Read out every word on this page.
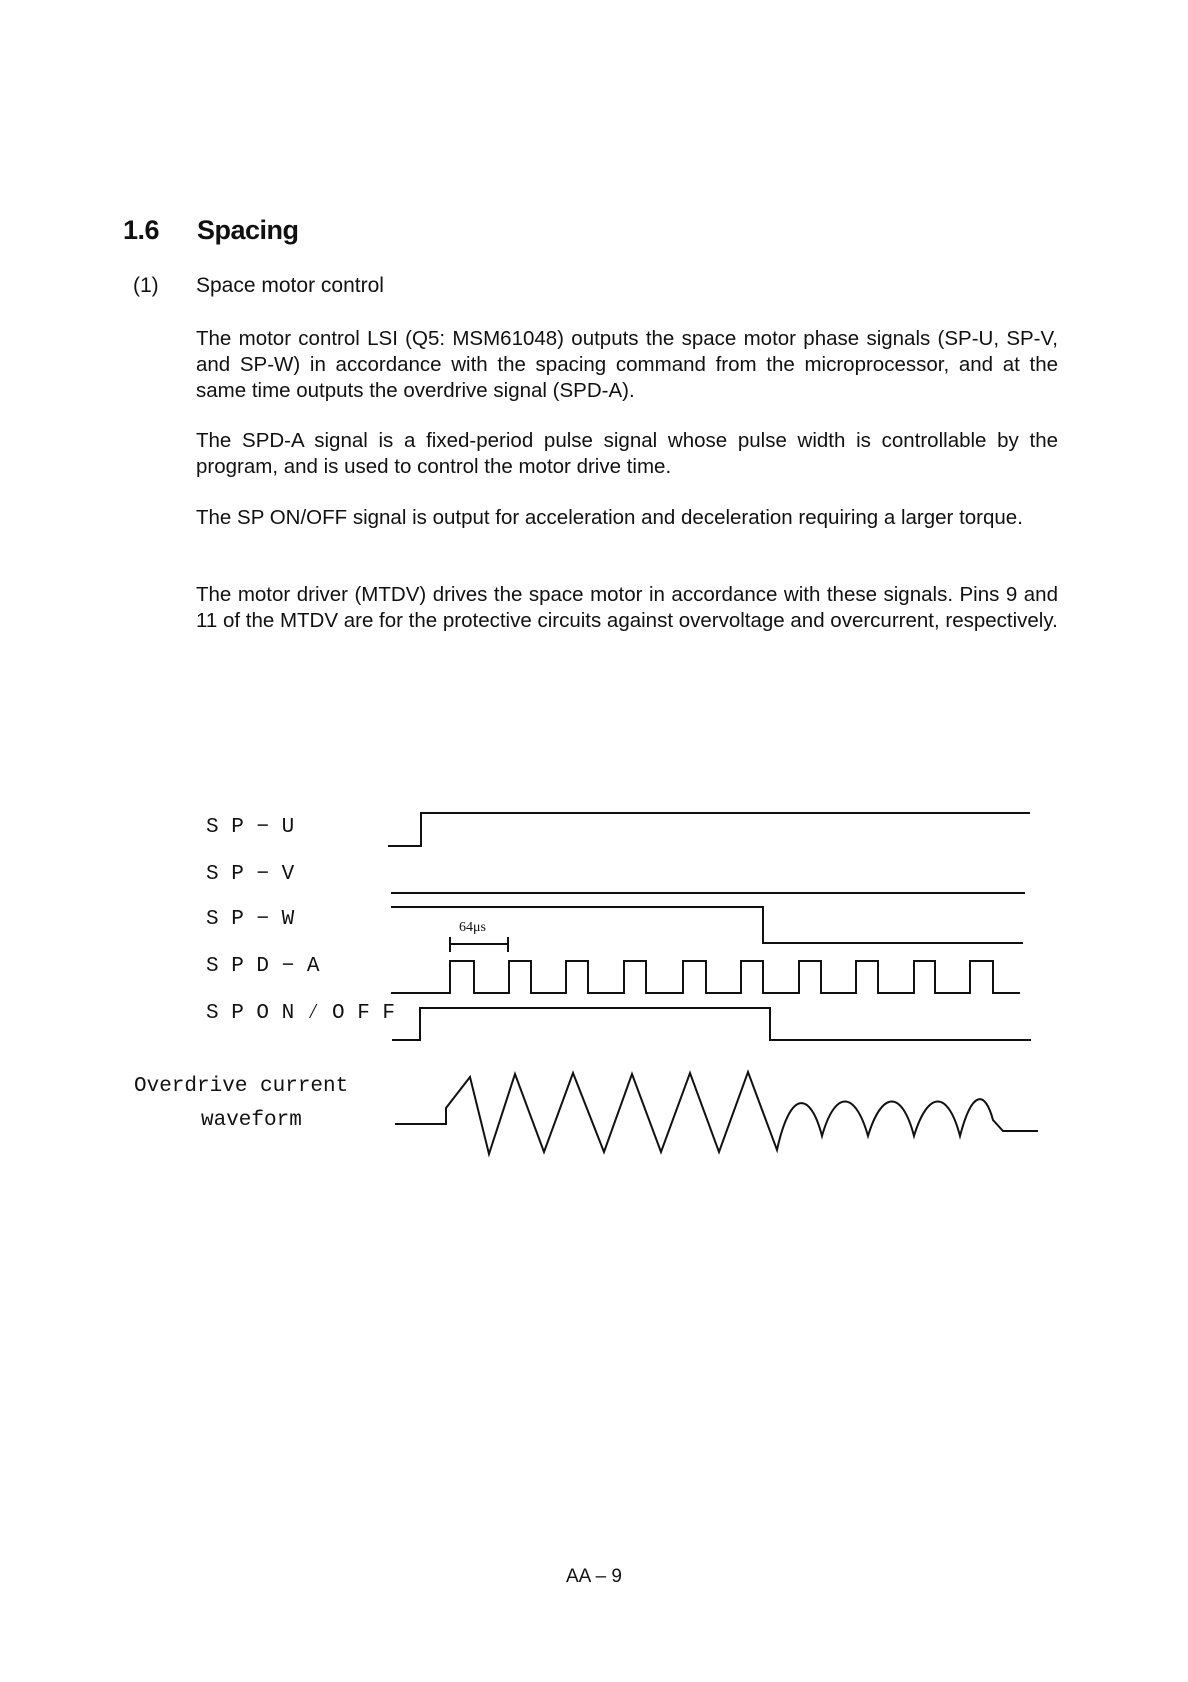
1.6 Spacing
(1) Space motor control

The motor control LSI (Q5: MSM61048) outputs the space motor phase signals (SP-U, SP-V, and SP-W) in accordance with the spacing command from the microprocessor, and at the same time outputs the overdrive signal (SPD-A).

The SPD-A signal is a fixed-period pulse signal whose pulse width is controllable by the program, and is used to control the motor drive time.

The SP ON/OFF signal is output for acceleration and deceleration requiring a larger torque.

The motor driver (MTDV) drives the space motor in accordance with these signals. Pins 9 and 11 of the MTDV are for the protective circuits against overvoltage and overcurrent, respectively.

S P − U
S P − V
S P − W
S P D − A
S P O N ⁄ O F F
Overdrive current
waveform
64μs
AA – 9
